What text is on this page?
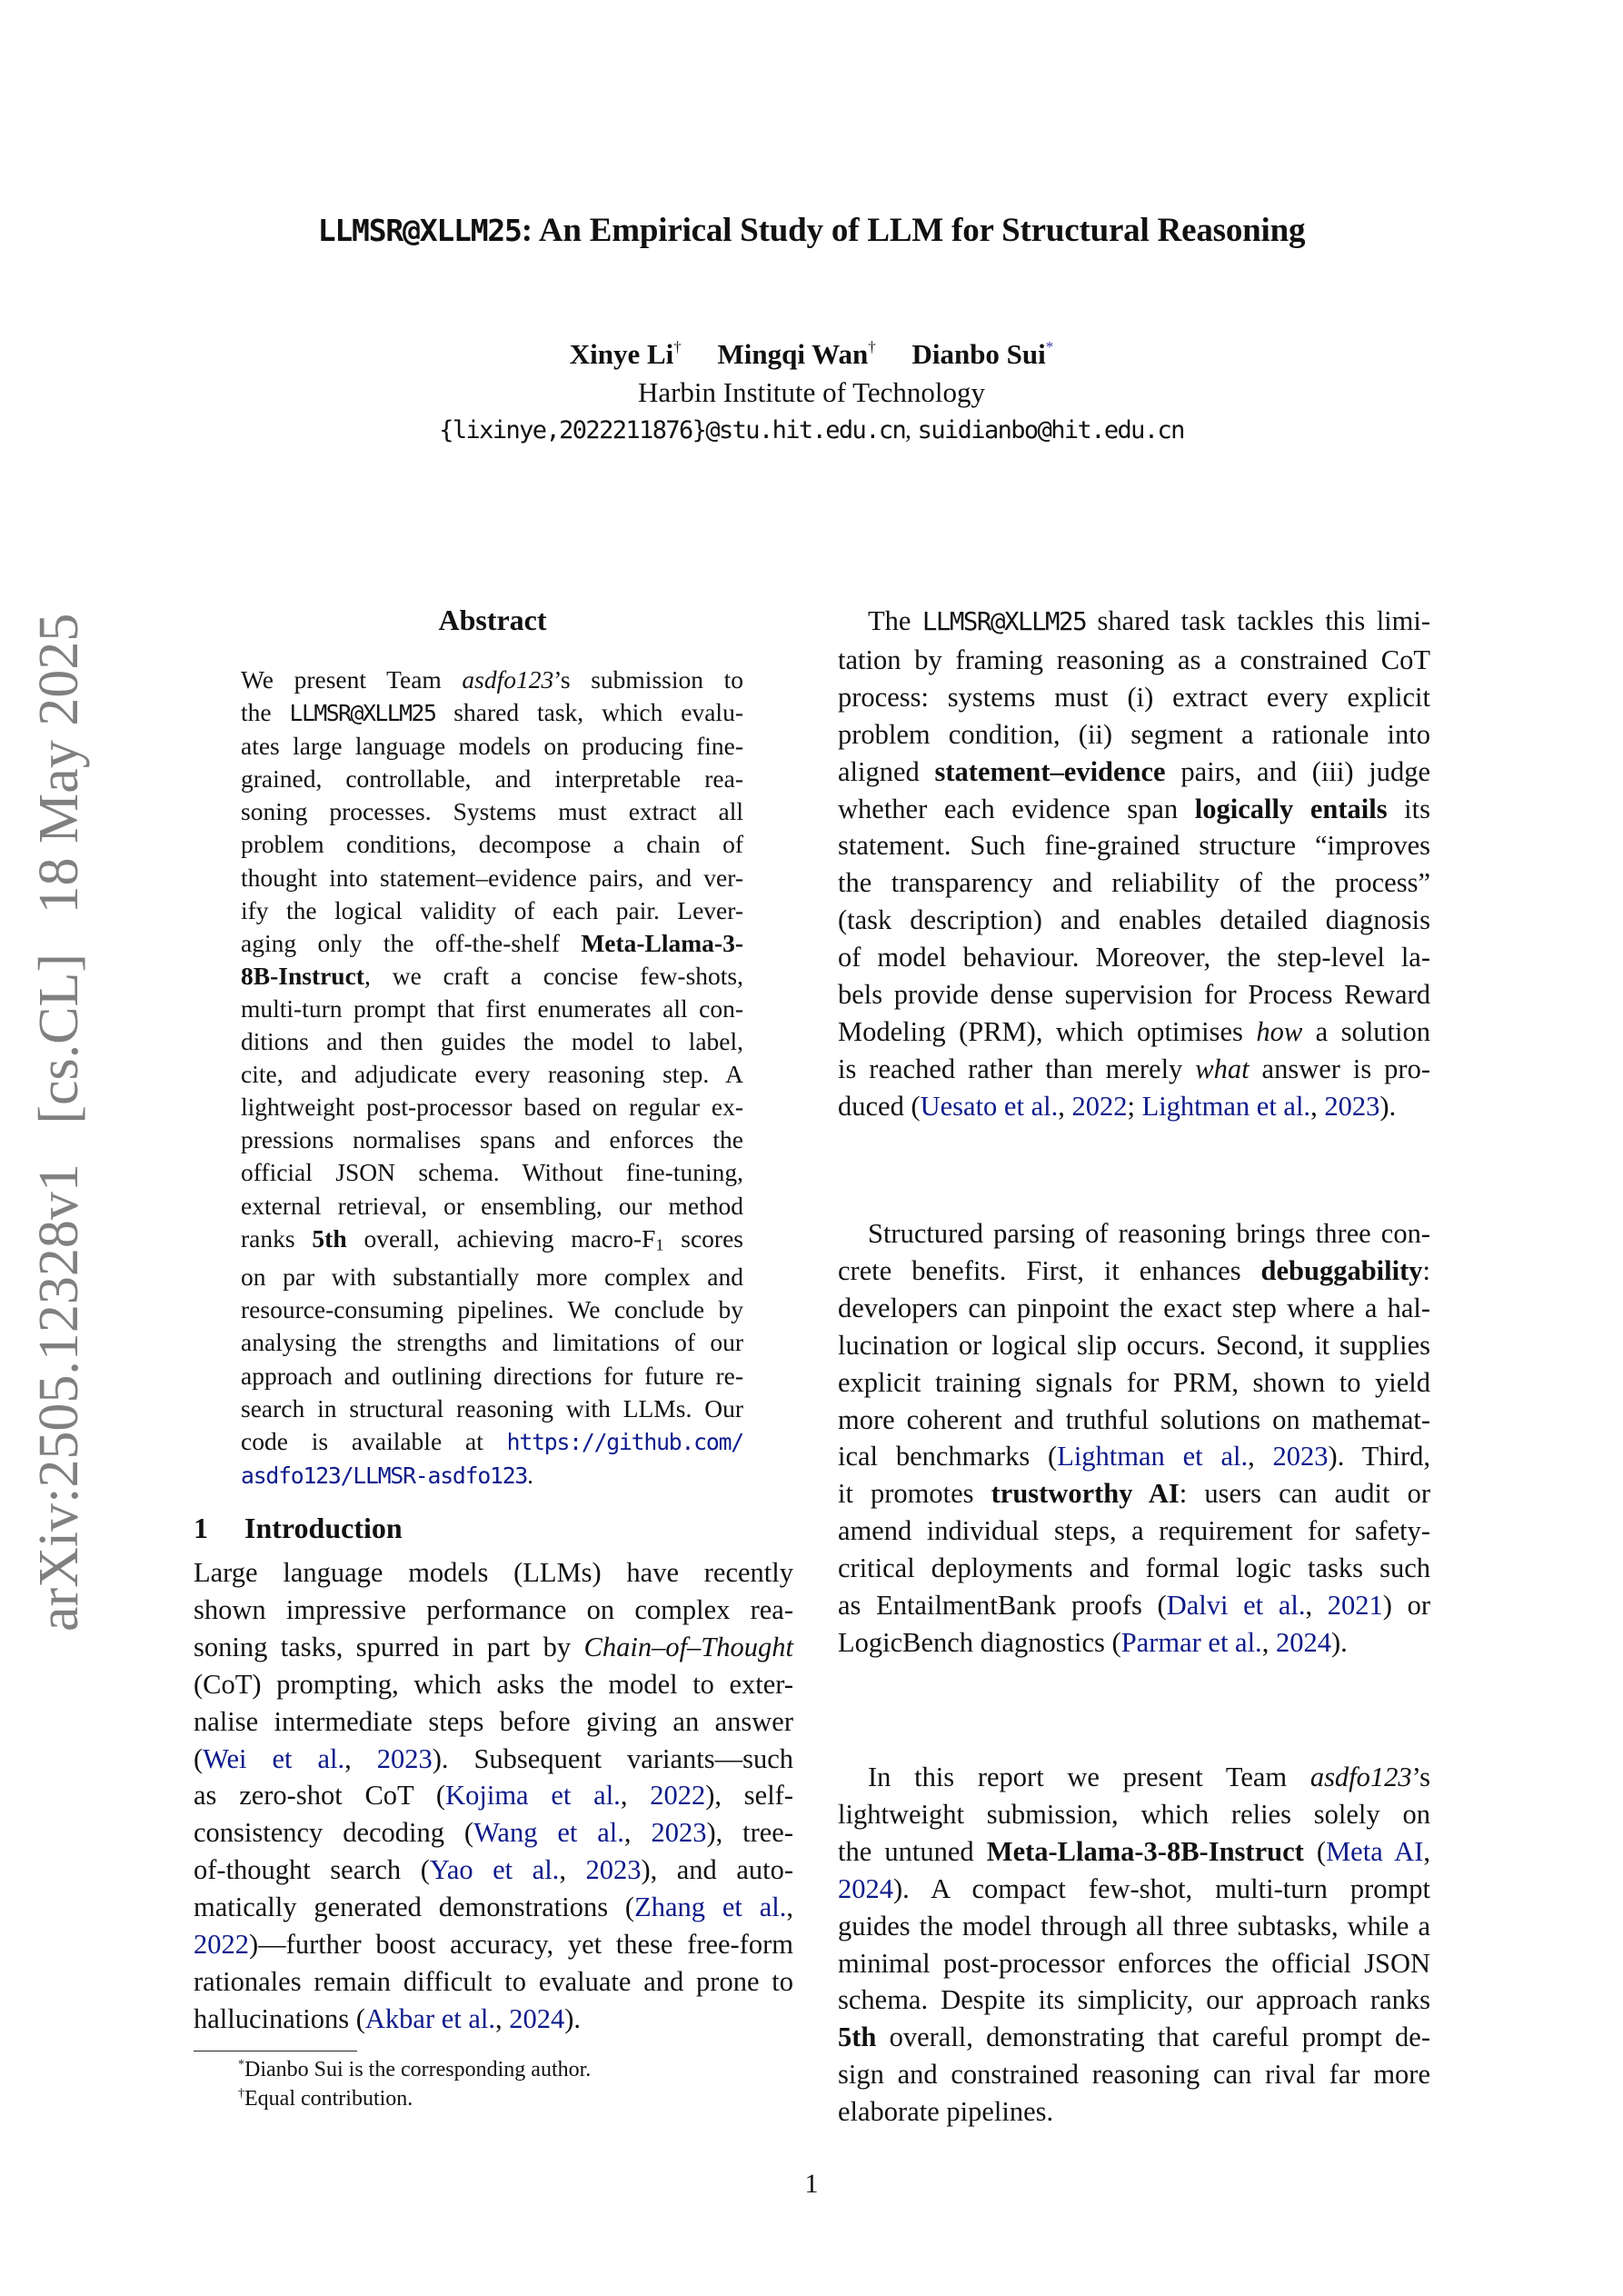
arXiv:2505.12328v1 [cs.CL] 18 May 2025
LLMSR@XLLM25: An Empirical Study of LLM for Structural Reasoning
Xinye Li† Mingqi Wan† Dianbo Sui*
Harbin Institute of Technology
{lixinye,2022211876}@stu.hit.edu.cn, suidianbo@hit.edu.cn
Abstract
We present Team asdfo123’s submission to
the LLMSR@XLLM25 shared task, which evalu-
ates large language models on producing fine-
grained, controllable, and interpretable rea-
soning processes. Systems must extract all
problem conditions, decompose a chain of
thought into statement–evidence pairs, and ver-
ify the logical validity of each pair. Lever-
aging only the off-the-shelf Meta-Llama-3-
8B-Instruct, we craft a concise few-shots,
multi-turn prompt that first enumerates all con-
ditions and then guides the model to label,
cite, and adjudicate every reasoning step. A
lightweight post-processor based on regular ex-
pressions normalises spans and enforces the
official JSON schema. Without fine-tuning,
external retrieval, or ensembling, our method
ranks 5th overall, achieving macro-$F_1$ scores
on par with substantially more complex and
resource-consuming pipelines. We conclude by
analysing the strengths and limitations of our
approach and outlining directions for future re-
search in structural reasoning with LLMs. Our
code is available at https://github.com/
asdfo123/LLMSR-asdfo123.
1 Introduction
Large language models (LLMs) have recently
shown impressive performance on complex rea-
soning tasks, spurred in part by Chain–of–Thought
(CoT) prompting, which asks the model to exter-
nalise intermediate steps before giving an answer
(Wei et al., 2023). Subsequent variants—such
as zero-shot CoT (Kojima et al., 2022), self-
consistency decoding (Wang et al., 2023), tree-
of-thought search (Yao et al., 2023), and auto-
matically generated demonstrations (Zhang et al.,
2022)—further boost accuracy, yet these free-form
rationales remain difficult to evaluate and prone to
hallucinations (Akbar et al., 2024).
The LLMSR@XLLM25 shared task tackles this limi-
tation by framing reasoning as a constrained CoT
process: systems must (i) extract every explicit
problem condition, (ii) segment a rationale into
aligned statement–evidence pairs, and (iii) judge
whether each evidence span logically entails its
statement. Such fine-grained structure “improves
the transparency and reliability of the process”
(task description) and enables detailed diagnosis
of model behaviour. Moreover, the step-level la-
bels provide dense supervision for Process Reward
Modeling (PRM), which optimises how a solution
is reached rather than merely what answer is pro-
duced (Uesato et al., 2022; Lightman et al., 2023).
Structured parsing of reasoning brings three con-
crete benefits. First, it enhances debuggability:
developers can pinpoint the exact step where a hal-
lucination or logical slip occurs. Second, it supplies
explicit training signals for PRM, shown to yield
more coherent and truthful solutions on mathemat-
ical benchmarks (Lightman et al., 2023). Third,
it promotes trustworthy AI: users can audit or
amend individual steps, a requirement for safety-
critical deployments and formal logic tasks such
as EntailmentBank proofs (Dalvi et al., 2021) or
LogicBench diagnostics (Parmar et al., 2024).
In this report we present Team asdfo123’s
lightweight submission, which relies solely on
the untuned Meta-Llama-3-8B-Instruct (Meta AI,
2024). A compact few-shot, multi-turn prompt
guides the model through all three subtasks, while a
minimal post-processor enforces the official JSON
schema. Despite its simplicity, our approach ranks
5th overall, demonstrating that careful prompt de-
sign and constrained reasoning can rival far more
elaborate pipelines.
*Dianbo Sui is the corresponding author.
†Equal contribution.
1
